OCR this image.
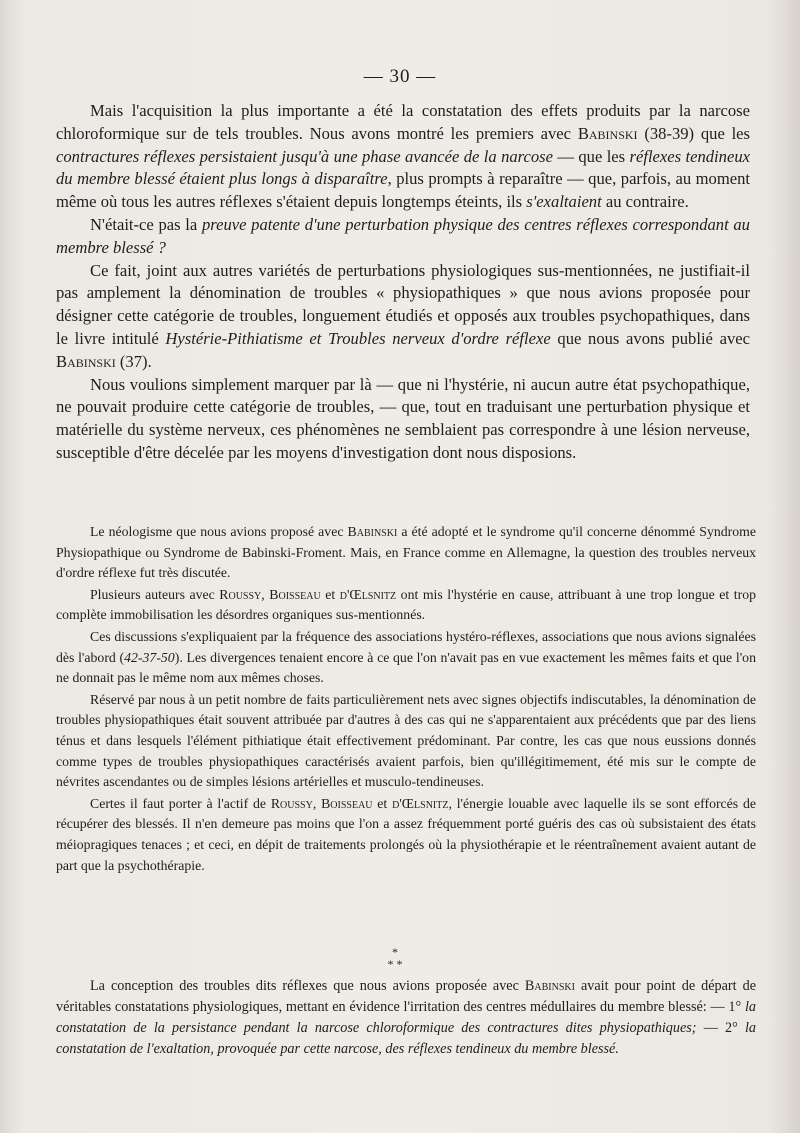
— 30 —

Mais l'acquisition la plus importante a été la constatation des effets produits par la narcose chloroformique sur de tels troubles. Nous avons montré les premiers avec Babinski (38-39) que les contractures réflexes persistaient jusqu'à une phase avancée de la narcose — que les réflexes tendineux du membre blessé étaient plus longs à disparaître, plus prompts à reparaître — que, parfois, au moment même où tous les autres réflexes s'étaient depuis longtemps éteints, ils s'exaltaient au contraire.

N'était-ce pas la preuve patente d'une perturbation physique des centres réflexes correspondant au membre blessé ?

Ce fait, joint aux autres variétés de perturbations physiologiques sus-mentionnées, ne justifiait-il pas amplement la dénomination de troubles « physiopathiques » que nous avions proposée pour désigner cette catégorie de troubles, longuement étudiés et opposés aux troubles psychopathiques, dans le livre intitulé Hystérie-Pithiatisme et Troubles nerveux d'ordre réflexe que nous avons publié avec Babinski (37).

Nous voulions simplement marquer par là — que ni l'hystérie, ni aucun autre état psychopathique, ne pouvait produire cette catégorie de troubles, — que, tout en traduisant une perturbation physique et matérielle du système nerveux, ces phénomènes ne semblaient pas correspondre à une lésion nerveuse, susceptible d'être décelée par les moyens d'investigation dont nous disposions.

Le néologisme que nous avions proposé avec Babinski a été adopté et le syndrome qu'il concerne dénommé Syndrome Physiopathique ou Syndrome de Babinski-Froment. Mais, en France comme en Allemagne, la question des troubles nerveux d'ordre réflexe fut très discutée.

Plusieurs auteurs avec Roussy, Boisseau et d'Œlsnitz ont mis l'hystérie en cause, attribuant à une trop longue et trop complète immobilisation les désordres organiques sus-mentionnés.

Ces discussions s'expliquaient par la fréquence des associations hystéro-réflexes, associations que nous avions signalées dès l'abord (42-37-50). Les divergences tenaient encore à ce que l'on n'avait pas en vue exactement les mêmes faits et que l'on ne donnait pas le même nom aux mêmes choses.

Réservé par nous à un petit nombre de faits particulièrement nets avec signes objectifs indiscutables, la dénomination de troubles physiopathiques était souvent attribuée par d'autres à des cas qui ne s'apparentaient aux précédents que par des liens ténus et dans lesquels l'élément pithiatique était effectivement prédominant. Par contre, les cas que nous eussions donnés comme types de troubles physiopathiques caractérisés avaient parfois, bien qu'illégitimement, été mis sur le compte de névrites ascendantes ou de simples lésions artérielles et musculo-tendineuses.

Certes il faut porter à l'actif de Roussy, Boisseau et d'Œlsnitz, l'énergie louable avec laquelle ils se sont efforcés de récupérer des blessés. Il n'en demeure pas moins que l'on a assez fréquemment porté guéris des cas où subsistaient des états méiopragiques tenaces ; et ceci, en dépit de traitements prolongés où la physiothérapie et le réentraînement avaient autant de part que la psychothérapie.

*
* *

La conception des troubles dits réflexes que nous avions proposée avec Babinski avait pour point de départ de véritables constatations physiologiques, mettant en évidence l'irritation des centres médullaires du membre blessé: — 1° la constatation de la persistance pendant la narcose chloroformique des contractures dites physiopathiques; — 2° la constatation de l'exaltation, provoquée par cette narcose, des réflexes tendineux du membre blessé.
